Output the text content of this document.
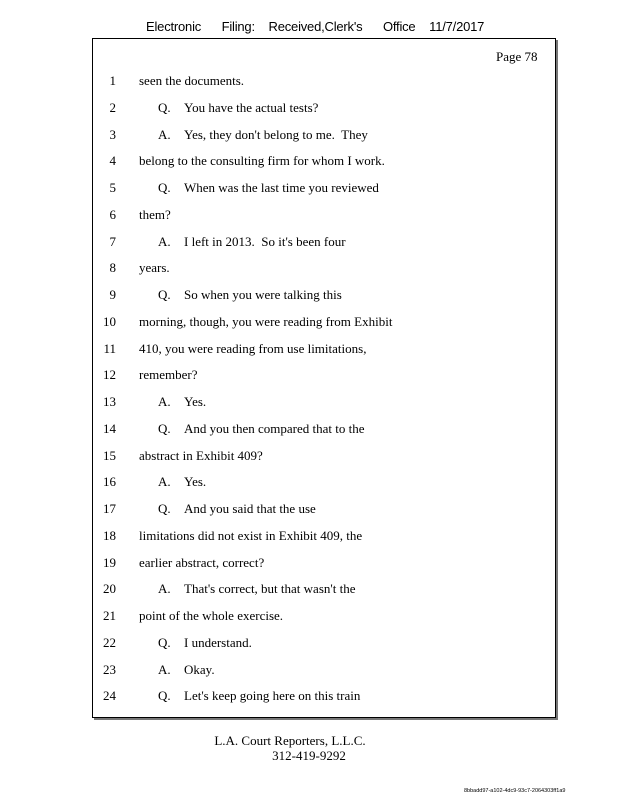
Electronic Filing: Received,Clerk's Office 11/7/2017
Page 78
1 seen the documents.
2	Q. You have the actual tests?
3	A. Yes, they don't belong to me.  They
4 belong to the consulting firm for whom I work.
5	Q. When was the last time you reviewed
6 them?
7	A. I left in 2013.  So it's been four
8 years.
9	Q. So when you were talking this
10 morning, though, you were reading from Exhibit
11 410, you were reading from use limitations,
12 remember?
13	A. Yes.
14	Q. And you then compared that to the
15 abstract in Exhibit 409?
16	A. Yes.
17	Q. And you said that the use
18 limitations did not exist in Exhibit 409, the
19 earlier abstract, correct?
20	A. That's correct, but that wasn't the
21 point of the whole exercise.
22	Q. I understand.
23	A. Okay.
24	Q. Let's keep going here on this train
L.A. Court Reporters, L.L.C.
312-419-9292
8bbadd97-a102-4dc9-93c7-2064303ff1a9
